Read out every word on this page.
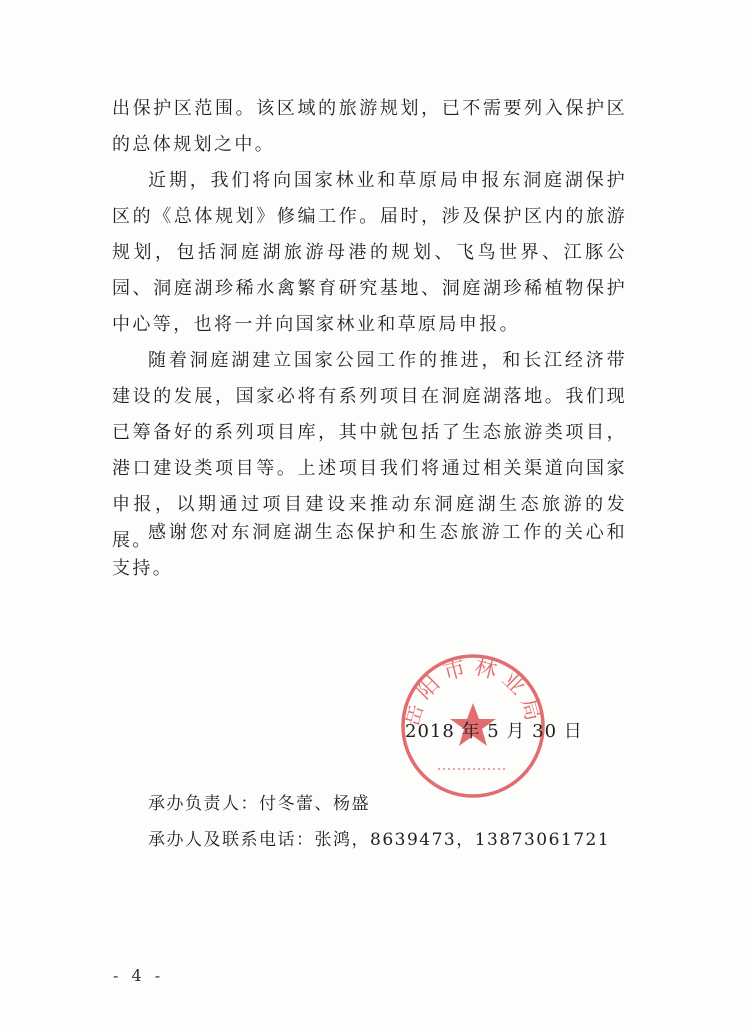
出保护区范围。该区域的旅游规划，已不需要列入保护区的总体规划之中。

近期，我们将向国家林业和草原局申报东洞庭湖保护区的《总体规划》修编工作。届时，涉及保护区内的旅游规划，包括洞庭湖旅游母港的规划、飞鸟世界、江豚公园、洞庭湖珍稀水禽繁育研究基地、洞庭湖珍稀植物保护中心等，也将一并向国家林业和草原局申报。

随着洞庭湖建立国家公园工作的推进，和长江经济带建设的发展，国家必将有系列项目在洞庭湖落地。我们现已筹备好的系列项目库，其中就包括了生态旅游类项目，港口建设类项目等。上述项目我们将通过相关渠道向国家申报，以期通过项目建设来推动东洞庭湖生态旅游的发展。

感谢您对东洞庭湖生态保护和生态旅游工作的关心和支持。

岳阳市林业局
2018 年 5 月 30 日
承办负责人：付冬蕾、杨盛
承办人及联系电话：张鸿，8639473，13873061721
- 4 -
